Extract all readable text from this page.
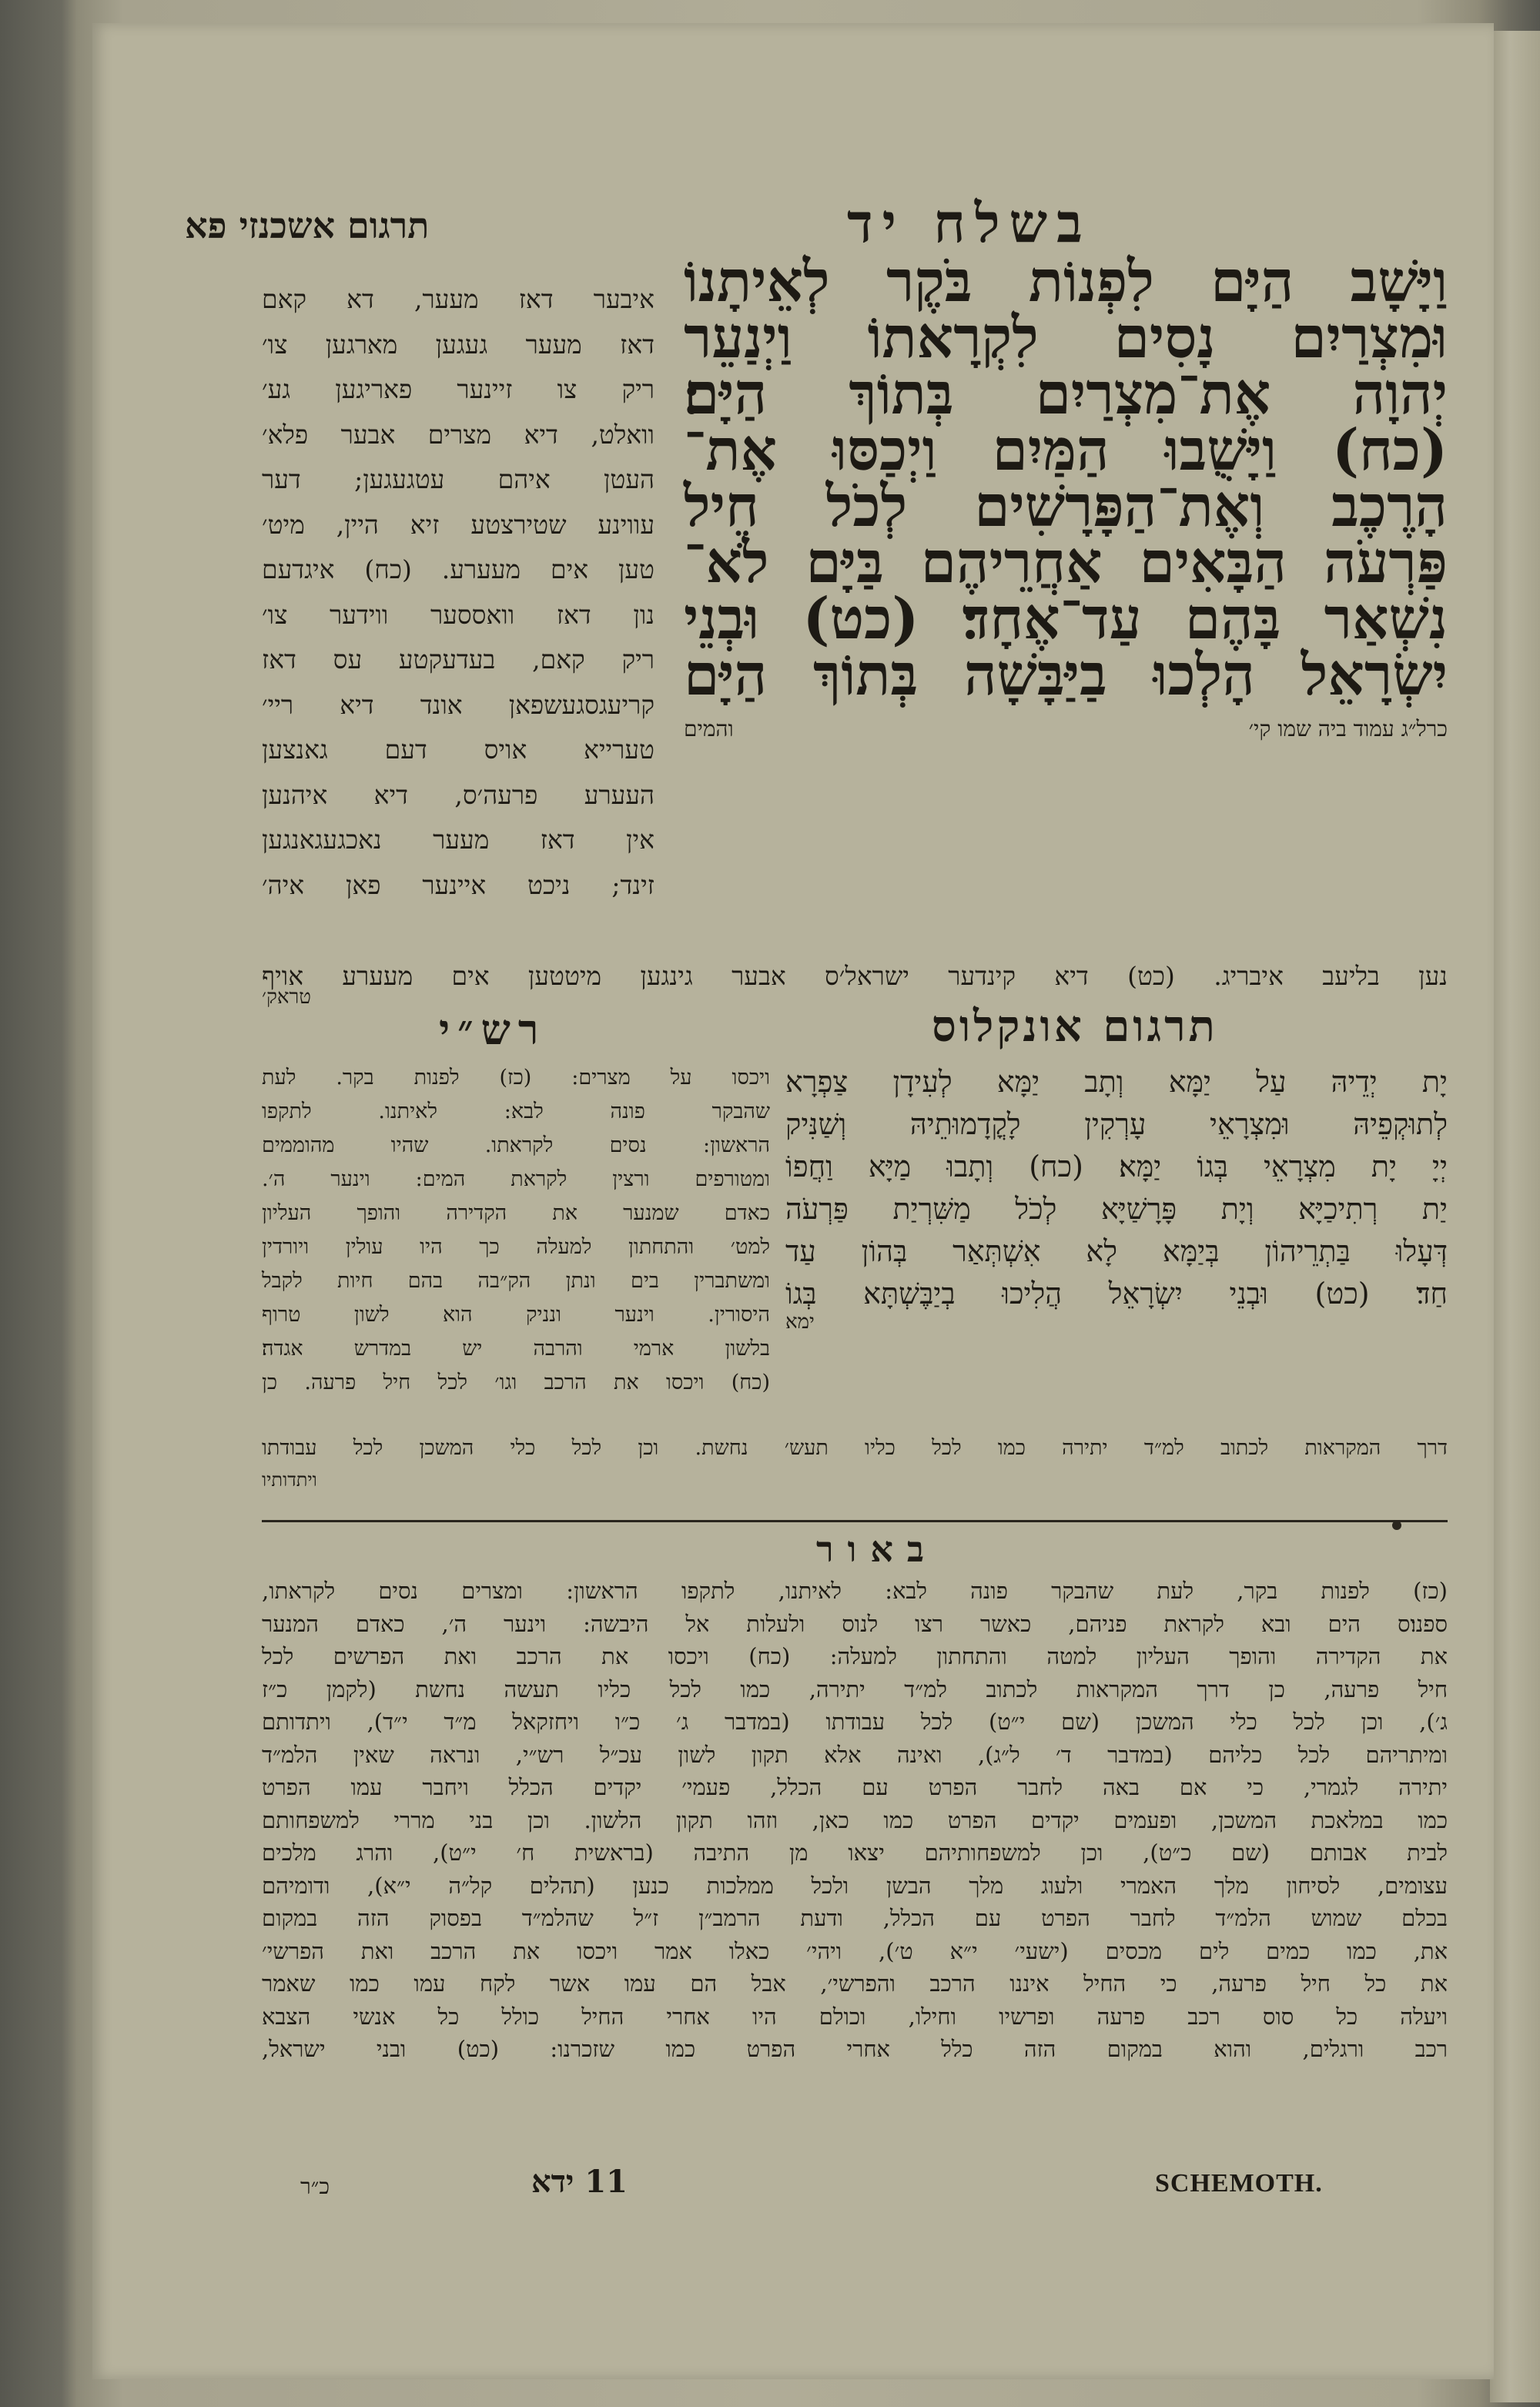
תרגום אשכנזי פא	בשלח יד
וַיָּשָׁב הַיָּם לִפְנוֹת בֹּקֶר לְאֵיתָנוֹ
וּמִצְרַיִם נָסִים לִקְרָאתוֹ וַיְנַעֵר
יְהוָה אֶת־מִצְרַיִם בְּתוֹךְ הַיָּם׃
(כח) וַיָּשֻׁבוּ הַמַּיִם וַיְכַסּוּ אֶת־
הָרֶכֶב וְאֶת־הַפָּרָשִׁים לְכֹל חֵיל
פַּרְעֹה הַבָּאִים אַחֲרֵיהֶם בַּיָּם לֹא־
נִשְׁאַר בָּהֶם עַד־אֶחָד׃ (כט) וּבְנֵי
יִשְׂרָאֵל הָלְכוּ בַיַּבָּשָׁה בְּתוֹךְ הַיָּם
כרל״ג עמוד ביה שמו קי׳
והמים
איבער דאז מעער, דא קאם
דאז מעער געגען מארגען צו׳
ריק צו זיינער פאריגען גע׳
וואלט, דיא מצרים אבער פלא׳
העטן איהם עטגעגען; דער
עווינע שטירצטע זיא היין, מיט׳
טען אים מעערע. (כח) איגדעם
נון דאז וואססער ווידער צו׳
ריק קאם, בעדעקטע עס דאז
קריעגסגעשפאן אונד דיא ריי׳
טערייא אויס דעם גאנצען
העערע פרעה׳ס, דיא איהנען
אין דאז מעער נאכגעגאנגען
זינד; ניכט איינער פאן איה׳
נען בליעב איבריג. (כט) דיא קינדער ישראל׳ס אבער גינגען מיטטען אים מעערע אויף
טראק׳
תרגום אונקלוס
רש״י
יָת יְדֵיהּ עַל יַמָּא וְתָב יַמָּא לְעִידָן צַפְרָא
לְתוּקְפֵיהּ וּמִצְרָאֵי עָרְקִין לָקֳדָמוּתֵיהּ וְשַׁנִּיק
יְיָ יָת מִצְרָאֵי בְּגוֹ יַמָּא׃ (כח) וְתָבוּ מַיָּא וַחֲפוֹ
יַת רְתִיכַיָּא וְיָת פָּרָשַׁיָּא לְכֹל מַשִּׁרְיַת פַּרְעֹה
דְּעָלוּ בַּתְרֵיהוֹן בְּיַמָּא לָא אִשְׁתְּאַר בְּהוֹן עַד
חַד׃ (כט) וּבְנֵי יִשְׂרָאֵל הֲלִיכוּ בְיַבֶּשְׁתָּא בְּגוֹ
ימא
ויכסו על מצרים: (כז) לפנות בקר. לעת
שהבקר פונה לבא: לאיתנו. לתקפו
הראשון: נסים לקראתו. שהיו מהוממים
ומטורפים ורצין לקראת המים: וינער ה׳.
כאדם שמנער את הקדירה והופך העליון
למט׳ והתחתון למעלה כך היו עולין ויורדין
ומשתברין בים ונתן הק״בה בהם חיות לקבל
היסורין. וינער ונניק הוא לשון טרוף
בלשון ארמי והרבה יש במדרש אגדה׃
(כח) ויכסו את הרכב וגו׳ לכל חיל פרעה. כן
דרך המקראות לכתוב למ״ד יתירה כמו לכל כליו תעש׳ נחשת. וכן לכל כלי המשכן לכל עבודתו
ויתדותיו
באור
(כז) לפנות בקר, לעת שהבקר פונה לבא: לאיתנו, לתקפו הראשון: ומצרים נסים לקראתו,
ספנו׃ס הים ובא לקראת פניהם, כאשר רצו לנוס ולעלות אל היבשה: וינער ה׳, כאדם המנער
את הקדירה והופך העליון למטה והתחתון למעלה: (כח) ויכסו את הרכב ואת הפרשים לכל
חיל פרעה, כן דרך המקראות לכתוב למ״ד יתירה, כמו לכל כליו תעשה נחשת (לקמן כ״ז
ג׳), וכן לכל כלי המשכן (שם י״ט) לכל עבודתו (במדבר ג׳ כ״ו ויחזקאל מ״ד י״ד), ויתדותם
ומיתריהם לכל כליהם (במדבר ד׳ ל״ג), ואינה אלא תקון לשון עכ״ל רש״י, ונראה שאין הלמ״ד
יתירה לגמרי, כי אם באה לחבר הפרט עם הכלל, פעמי׳ יקדים הכלל ויחבר עמו הפרט
כמו במלאכת המשכן, ופעמים יקדים הפרט כמו כאן, וזהו תקון הלשון. וכן בני מררי למשפחותם
לבית אבותם (שם כ״ט), וכן למשפחותיהם יצאו מן התיבה (בראשית ח׳ י״ט), והרג מלכים
עצומים, לסיחון מלך האמרי ולעוג מלך הבשן ולכל ממלכות כנען (תהלים קל״ה י״א), ודומיהם
בכלם שמוש הלמ״ד לחבר הפרט עם הכלל, ודעת הרמב״ן ז״ל שהלמ״ד בפסוק הזה במקום
את, כמו כמים לים מכסים (ישעי׳ י״א ט׳), ויהי׳ כאלו אמר ויכסו את הרכב ואת הפרשי׳
את כל חיל פרעה, כי החיל איננו הרכב והפרשי׳, אבל הם עמו אשר לקח עמו כמו שאמר
ויעלה כל סוס רכב פרעה ופרשיו וחילו, וכולם היו אחרי החיל כולל כל אנשי הצבא
רכב ורגלים, והוא במקום הזה כלל אחרי הפרט כמו שזכרנו: (כט) ובני ישראל,
כ״ר	11 ידא	SCHEMOTH.
